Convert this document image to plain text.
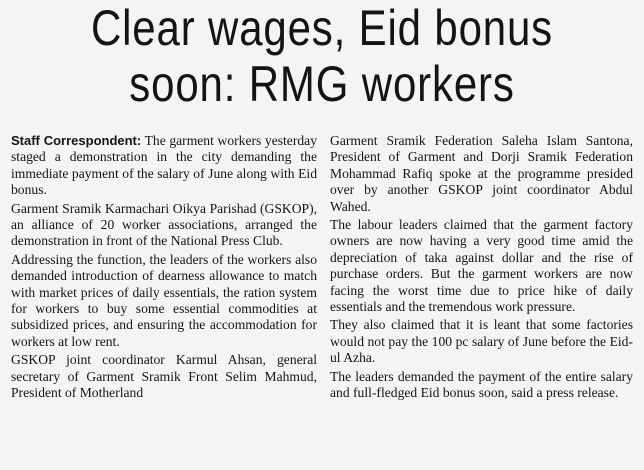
Clear wages, Eid bonus
soon: RMG workers

Staff Correspondent: The garment workers yesterday staged a demonstration in the city demanding the immediate payment of the salary of June along with Eid bonus.

Garment Sramik Karmachari Oikya Parishad (GSKOP), an alliance of 20 worker associations, arranged the demonstration in front of the National Press Club.

Addressing the function, the leaders of the workers also demanded introduction of dearness allowance to match with market prices of daily essentials, the ration system for workers to buy some essential commodities at subsidized prices, and ensuring the accommodation for workers at low rent.

GSKOP joint coordinator Karmul Ahsan, general secretary of Garment Sramik Front Selim Mahmud, President of Motherland

Garment Sramik Federation Saleha Islam Santona, President of Garment and Dorji Sramik Federation Mohammad Rafiq spoke at the programme presided over by another GSKOP joint coordinator Abdul Wahed.

The labour leaders claimed that the garment factory owners are now having a very good time amid the depreciation of taka against dollar and the rise of purchase orders. But the garment workers are now facing the worst time due to price hike of daily essentials and the tremendous work pressure.

They also claimed that it is leant that some factories would not pay the 100 pc salary of June before the Eid-ul Azha.

The leaders demanded the payment of the entire salary and full-fledged Eid bonus soon, said a press release.
